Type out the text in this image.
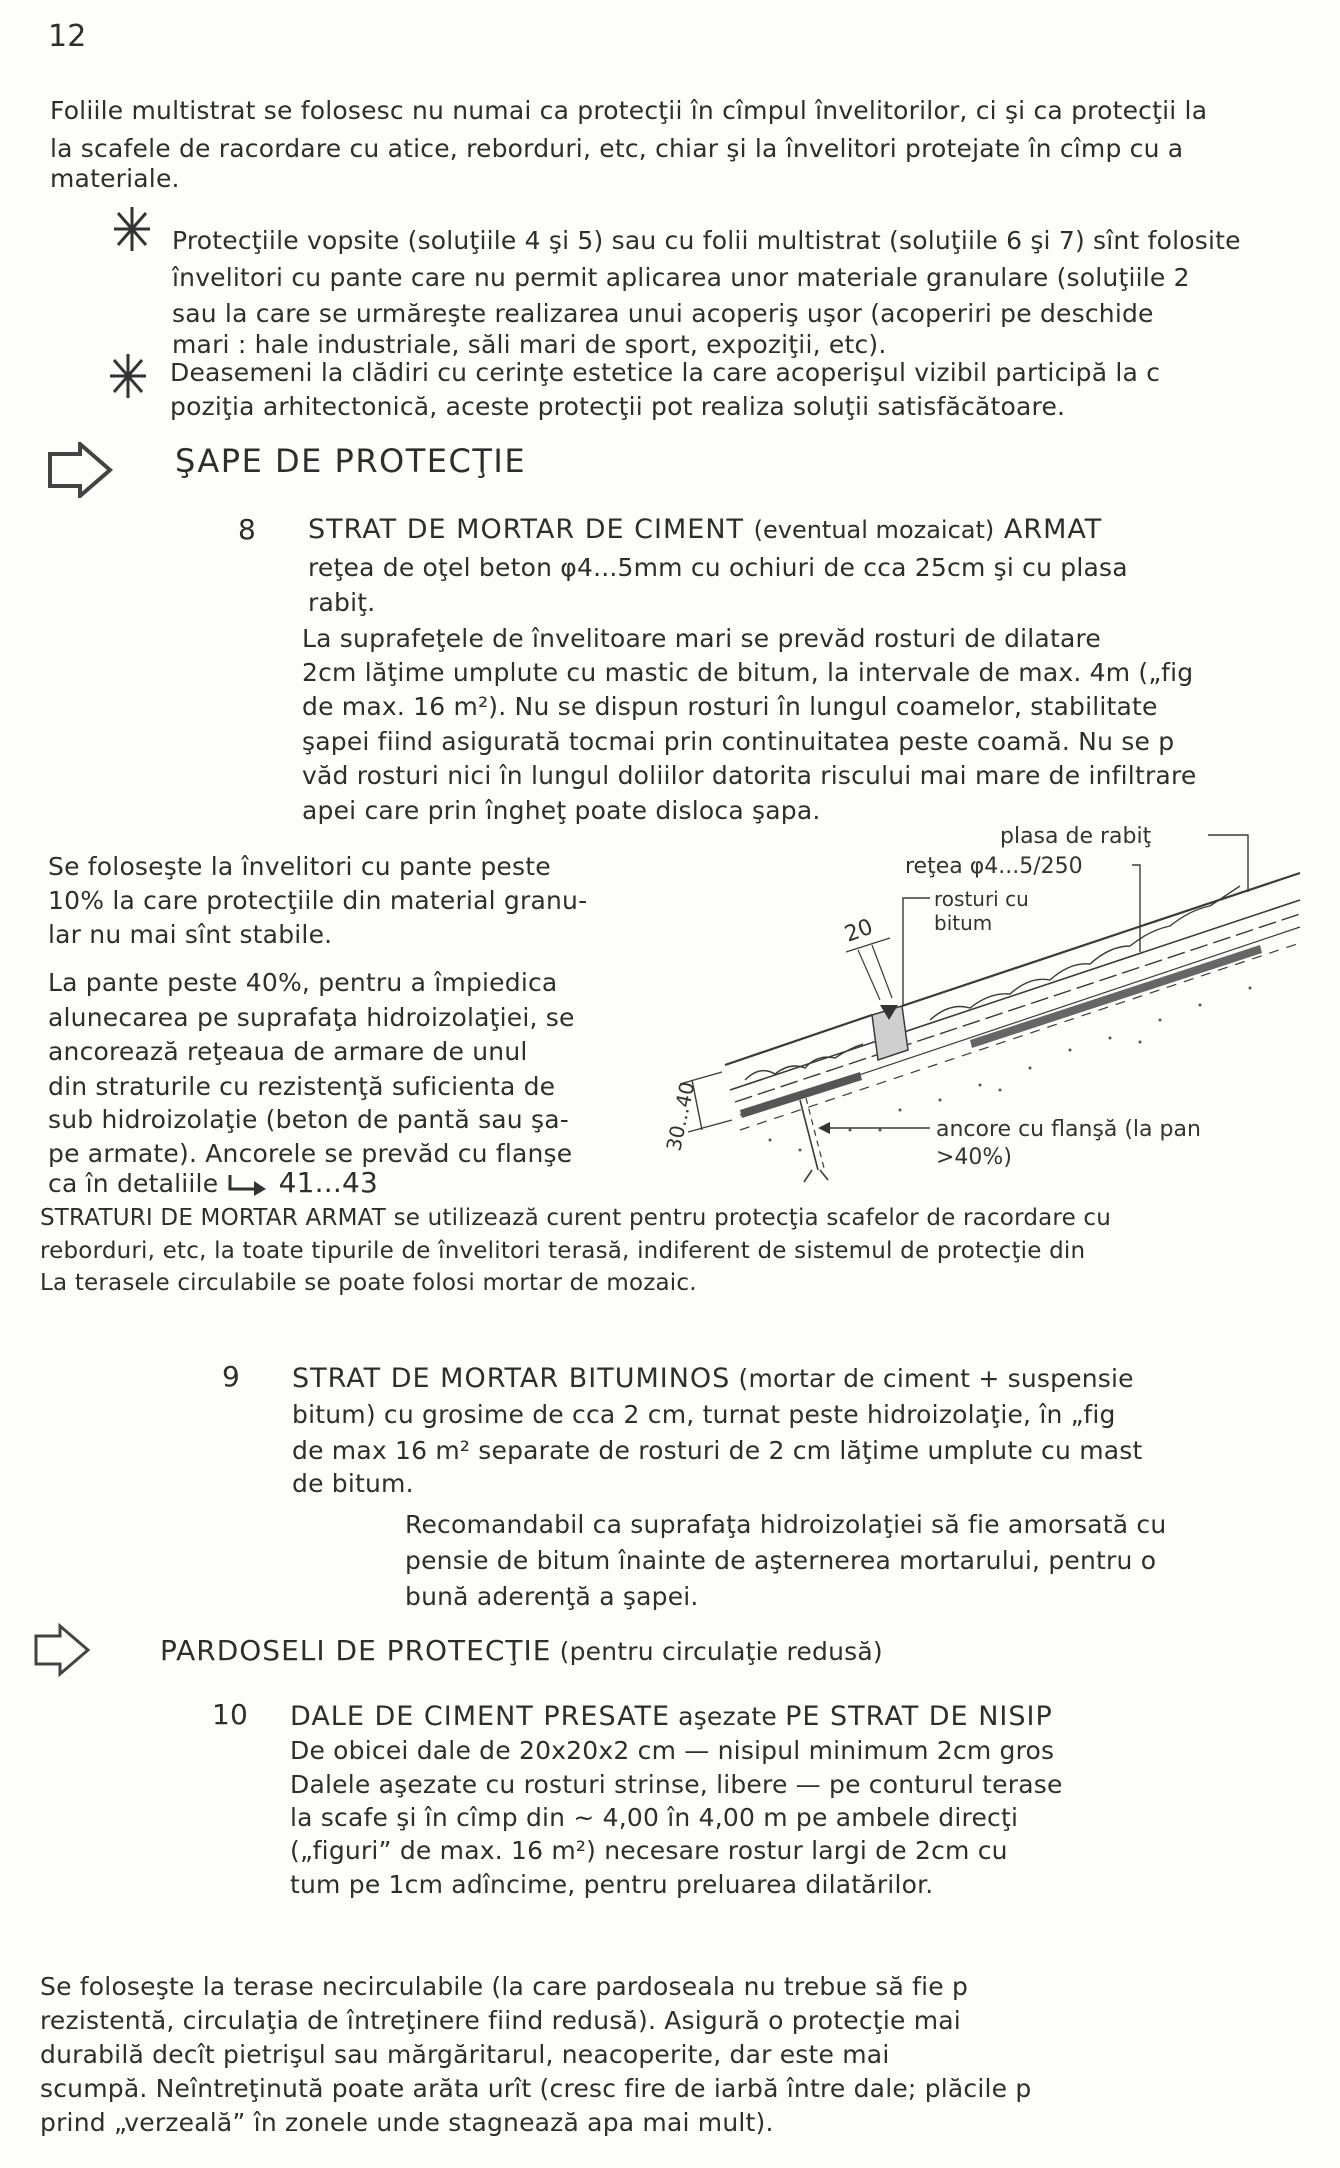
12
Foliile multistrat se folosesc nu numai ca protecţii în cîmpul învelitorilor, ci şi ca protecţii la
la scafele de racordare cu atice, reborduri, etc, chiar şi la învelitori protejate în cîmp cu a
materiale.
Protecţiile vopsite (soluţiile 4 şi 5) sau cu folii multistrat (soluţiile 6 şi 7) sînt folosite
învelitori cu pante care nu permit aplicarea unor materiale granulare (soluţiile 2
sau la care se urmăreşte realizarea unui acoperiş uşor (acoperiri pe deschide
mari : hale industriale, săli mari de sport, expoziţii, etc).
Deasemeni la clădiri cu cerinţe estetice la care acoperişul vizibil participă la c
poziţia arhitectonică, aceste protecţii pot realiza soluţii satisfăcătoare.
ŞAPE DE PROTECŢIE
8 STRAT DE MORTAR DE CIMENT (eventual mozaicat) ARMAT
reţea de oţel beton φ4...5mm cu ochiuri de cca 25cm şi cu plasa
rabiţ.
La suprafeţele de învelitoare mari se prevăd rosturi de dilatare
2cm lăţime umplute cu mastic de bitum, la intervale de max. 4m („fig
de max. 16 m²). Nu se dispun rosturi în lungul coamelor, stabilitate
şapei fiind asigurată tocmai prin continuitatea peste coamă. Nu se p
văd rosturi nici în lungul doliilor datorita riscului mai mare de infiltrare
apei care prin îngheţ poate disloca şapa.
Se foloseşte la învelitori cu pante peste
10% la care protecţiile din material granu-
lar nu mai sînt stabile.
La pante peste 40%, pentru a împiedica
alunecarea pe suprafaţa hidroizolaţiei, se
ancorează reţeaua de armare de unul
din straturile cu rezistenţă suficienta de
sub hidroizolaţie (beton de pantă sau şa-
pe armate). Ancorele se prevăd cu flanşe
ca în detaliile 41...43
plasa de rabiţ
reţea φ4...5/250
rosturi cu
bitum
20
30...40	ancore cu flanşă (la pan
>40%)
STRATURI DE MORTAR ARMAT se utilizează curent pentru protecţia scafelor de racordare cu
reborduri, etc, la toate tipurile de învelitori terasă, indiferent de sistemul de protecţie din
La terasele circulabile se poate folosi mortar de mozaic.
9 STRAT DE MORTAR BITUMINOS (mortar de ciment + suspensie
bitum) cu grosime de cca 2 cm, turnat peste hidroizolaţie, în „fig
de max 16 m² separate de rosturi de 2 cm lăţime umplute cu mast
de bitum.
Recomandabil ca suprafaţa hidroizolaţiei să fie amorsată cu
pensie de bitum înainte de aşternerea mortarului, pentru o
bună aderenţă a şapei.
PARDOSELI DE PROTECŢIE (pentru circulaţie redusă)
10 DALE DE CIMENT PRESATE aşezate PE STRAT DE NISIP
De obicei dale de 20x20x2 cm — nisipul minimum 2cm gros
Dalele aşezate cu rosturi strinse, libere — pe conturul terase
la scafe şi în cîmp din ~ 4,00 în 4,00 m pe ambele direcţi
(„figuri” de max. 16 m²) necesare rostur largi de 2cm cu
tum pe 1cm adîncime, pentru preluarea dilatărilor.
Se foloseşte la terase necirculabile (la care pardoseala nu trebue să fie p
rezistentă, circulaţia de întreţinere fiind redusă). Asigură o protecţie mai
durabilă decît pietrişul sau mărgăritarul, neacoperite, dar este mai
scumpă. Neîntreţinută poate arăta urît (cresc fire de iarbă între dale; plăcile p
prind „verzeală” în zonele unde stagnează apa mai mult).
